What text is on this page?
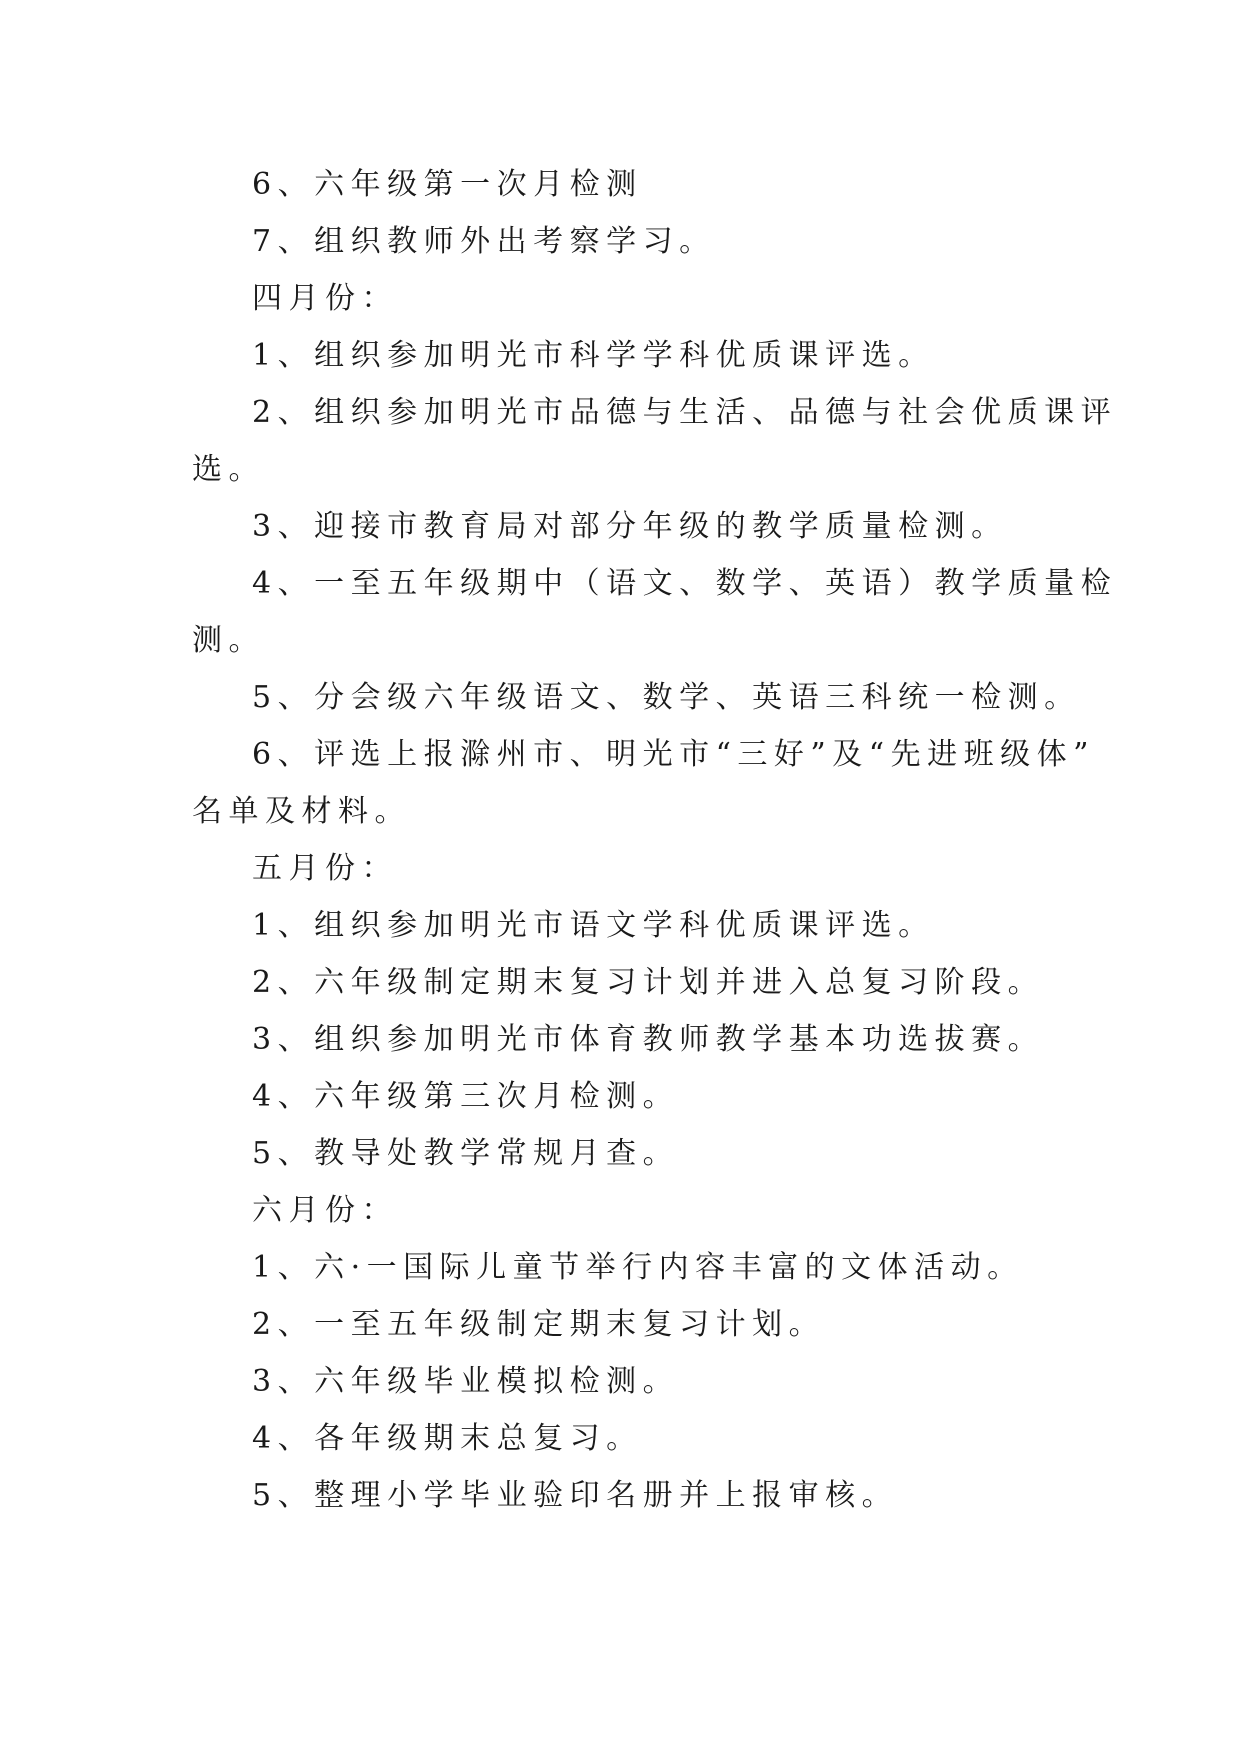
6、六年级第一次月检测

7、组织教师外出考察学习。

四月份：

1、组织参加明光市科学学科优质课评选。

2、组织参加明光市品德与生活、品德与社会优质课评

选。

3、迎接市教育局对部分年级的教学质量检测。

4、一至五年级期中（语文、数学、英语）教学质量检

测。

5、分会级六年级语文、数学、英语三科统一检测。

6、评选上报滁州市、明光市“三好”及“先进班级体”

名单及材料。

五月份：

1、组织参加明光市语文学科优质课评选。

2、六年级制定期末复习计划并进入总复习阶段。

3、组织参加明光市体育教师教学基本功选拔赛。

4、六年级第三次月检测。

5、教导处教学常规月查。

六月份：

1、六·一国际儿童节举行内容丰富的文体活动。

2、一至五年级制定期末复习计划。

3、六年级毕业模拟检测。

4、各年级期末总复习。

5、整理小学毕业验印名册并上报审核。
